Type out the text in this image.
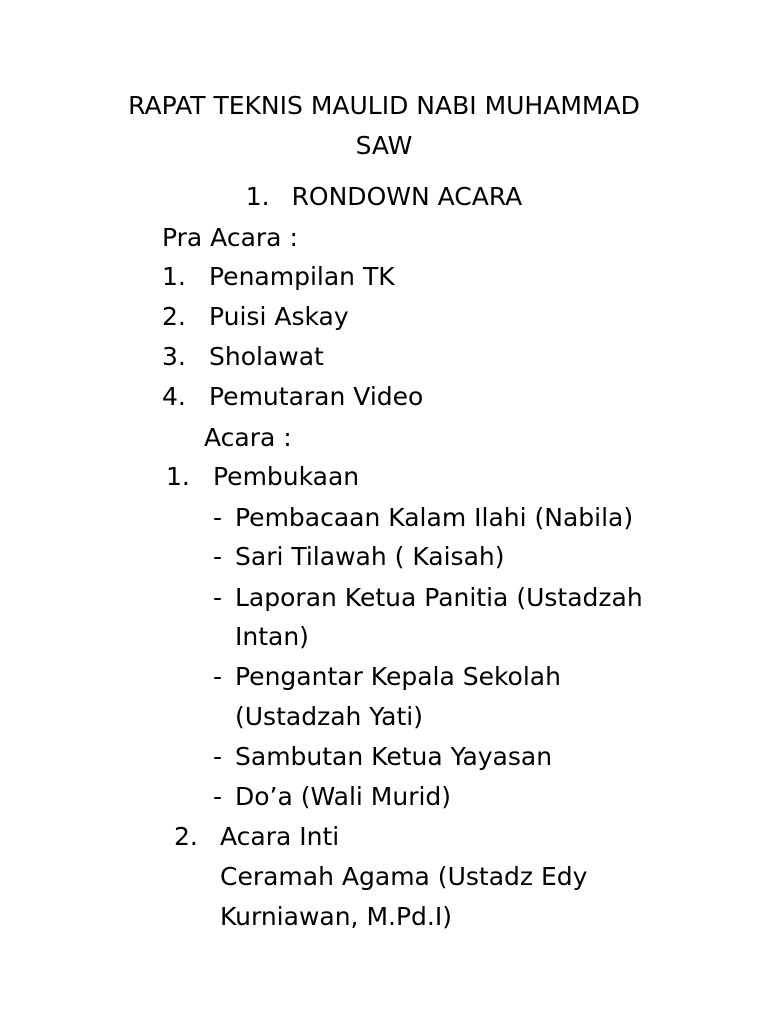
RAPAT TEKNIS MAULID NABI MUHAMMAD
SAW
1. RONDOWN ACARA
Pra Acara :
1. Penampilan TK
2. Puisi Askay
3. Sholawat
4. Pemutaran Video
Acara :
1. Pembukaan
- Pembacaan Kalam Ilahi (Nabila)
- Sari Tilawah ( Kaisah)
- Laporan Ketua Panitia (Ustadzah
Intan)
- Pengantar Kepala Sekolah
(Ustadzah Yati)
- Sambutan Ketua Yayasan
- Do’a (Wali Murid)
2. Acara Inti
Ceramah Agama (Ustadz Edy
Kurniawan, M.Pd.I)
